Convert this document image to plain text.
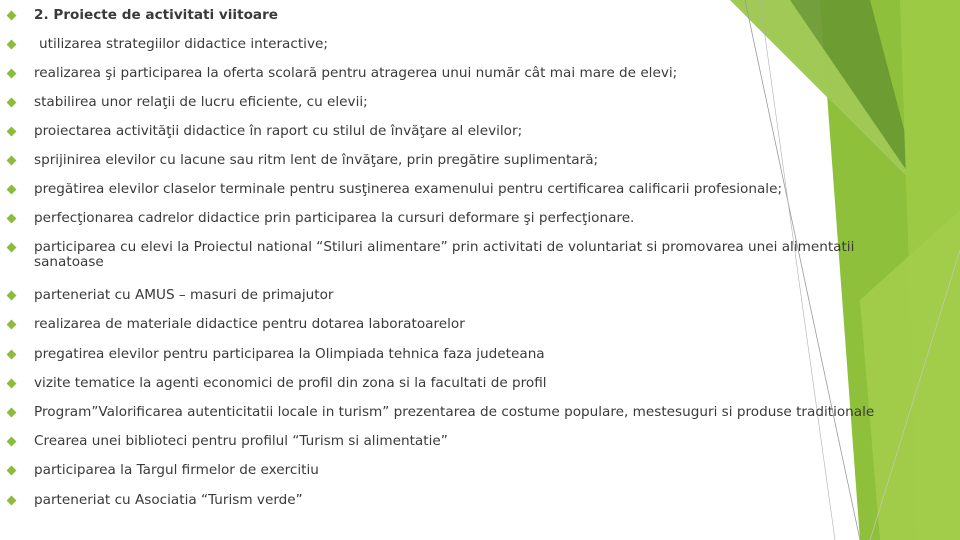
2. Proiecte de activitati viitoare
utilizarea strategiilor didactice interactive;
realizarea şi participarea la oferta scolară pentru atragerea unui număr cât mai mare de elevi;
stabilirea unor relaţii de lucru eficiente, cu elevii;
proiectarea activităţii didactice în raport cu stilul de învăţare al elevilor;
sprijinirea elevilor cu lacune sau ritm lent de învăţare, prin pregătire suplimentară;
pregătirea elevilor claselor terminale pentru susţinerea examenului pentru certificarea calificarii profesionale;
perfecţionarea cadrelor didactice prin participarea la cursuri deformare şi perfecţionare.
participarea cu elevi la Proiectul national “Stiluri alimentare” prin activitati de voluntariat si promovarea unei alimentatii sanatoase
parteneriat cu AMUS – masuri de primajutor
realizarea de materiale didactice pentru dotarea laboratoarelor
pregatirea elevilor pentru participarea la Olimpiada tehnica faza judeteana
vizite tematice la agenti economici de profil din zona si la facultati de profil
Program”Valorificarea autenticitatii locale in turism” prezentarea de costume populare, mestesuguri si produse traditionale
Crearea unei biblioteci pentru profilul “Turism si alimentatie”
participarea la Targul firmelor de exercitiu
parteneriat cu Asociatia “Turism verde”
